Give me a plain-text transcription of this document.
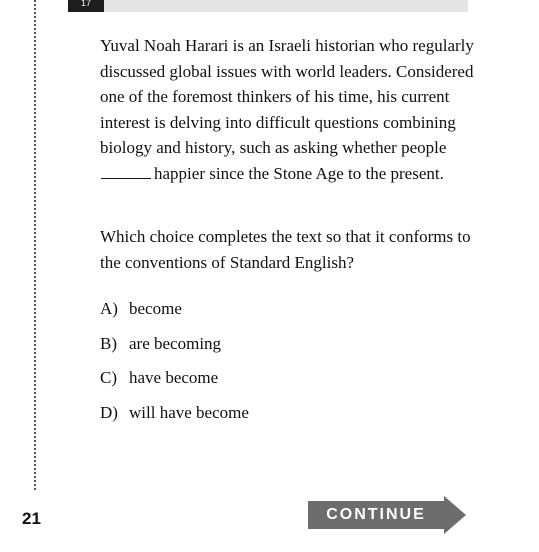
17

Yuval Noah Harari is an Israeli historian who regularly discussed global issues with world leaders. Considered one of the foremost thinkers of his time, his current interest is delving into difficult questions combining biology and history, such as asking whether people happier since the Stone Age to the present.

Which choice completes the text so that it conforms to the conventions of Standard English?

A) become
B) are becoming
C) have become
D) will have become
21	CONTINUE
